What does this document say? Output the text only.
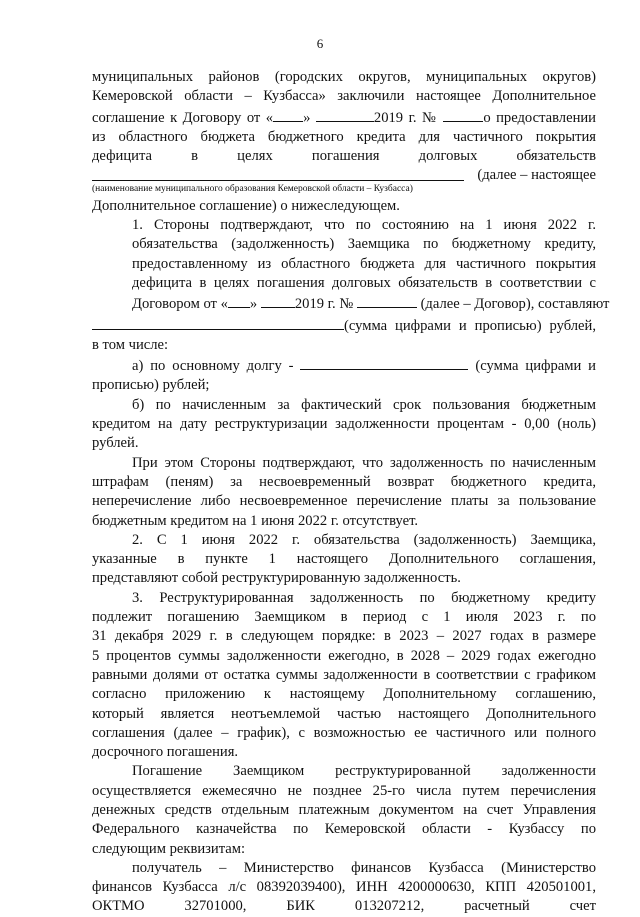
6

муниципальных районов (городских округов, муниципальных округов)
Кемеровской области – Кузбасса» заключили настоящее Дополнительное
соглашение к Договору от « »	2019 г. №	о предоставлении
из областного бюджета бюджетного кредита для частичного покрытия
дефицита в целях погашения долговых обязательств

(далее – настоящее
(наименование муниципального образования Кемеровской области – Кузбасса)

Дополнительное соглашение) о нижеследующем.

1. Стороны подтверждают, что по состоянию на 1 июня 2022 г.
обязательства (задолженность) Заемщика по бюджетному кредиту,
предоставленному из областного бюджета для частичного покрытия
дефицита в целях погашения долговых обязательств в соответствии с
Договором от « »	2019 г. №	(далее – Договор), составляют
(сумма цифрами и прописью) рублей,
в том числе:

а) по основному долгу -	(сумма цифрами и
прописью) рублей;

б) по начисленным за фактический срок пользования бюджетным
кредитом на дату реструктуризации задолженности процентам - 0,00 (ноль)
рублей.

При этом Стороны подтверждают, что задолженность по начисленным
штрафам (пеням) за несвоевременный возврат бюджетного кредита,
неперечисление либо несвоевременное перечисление платы за пользование
бюджетным кредитом на 1 июня 2022 г. отсутствует.

2. С 1 июня 2022 г. обязательства (задолженность) Заемщика,
указанные в пункте 1 настоящего Дополнительного соглашения,
представляют собой реструктурированную задолженность.

3. Реструктурированная задолженность по бюджетному кредиту
подлежит погашению Заемщиком в период с 1 июля 2023 г. по
31 декабря 2029 г. в следующем порядке: в 2023 – 2027 годах в размере
5 процентов суммы задолженности ежегодно, в 2028 – 2029 годах ежегодно
равными долями от остатка суммы задолженности в соответствии с графиком
согласно приложению к настоящему Дополнительному соглашению,
который является неотъемлемой частью настоящего Дополнительного
соглашения (далее – график), с возможностью ее частичного или полного
досрочного погашения.

Погашение Заемщиком реструктурированной задолженности
осуществляется ежемесячно не позднее 25-го числа путем перечисления
денежных средств отдельным платежным документом на счет Управления
Федерального казначейства по Кемеровской области - Кузбассу по
следующим реквизитам:

получатель – Министерство финансов Кузбасса (Министерство
финансов Кузбасса л/с 08392039400), ИНН 4200000630, КПП 420501001,
ОКТМО 32701000, БИК 013207212, расчетный счет
